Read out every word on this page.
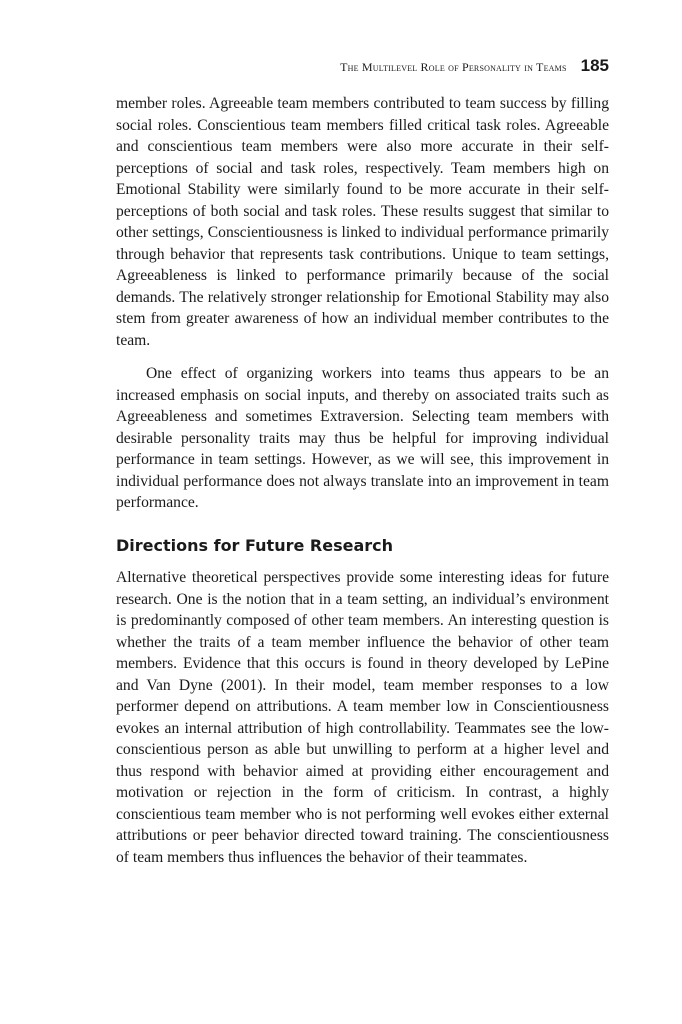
The Multilevel Role of Personality in Teams 185

member roles. Agreeable team members contributed to team success by filling social roles. Conscientious team members filled critical task roles. Agreeable and conscientious team members were also more accurate in their self-perceptions of social and task roles, respectively. Team members high on Emotional Stability were similarly found to be more accurate in their self-perceptions of both social and task roles. These results suggest that similar to other settings, Conscientiousness is linked to individual performance primarily through behavior that represents task contributions. Unique to team settings, Agreeableness is linked to performance primarily because of the social demands. The relatively stronger relationship for Emotional Stability may also stem from greater awareness of how an individual member contributes to the team.

One effect of organizing workers into teams thus appears to be an increased emphasis on social inputs, and thereby on associated traits such as Agreeableness and sometimes Extraversion. Selecting team members with desirable personality traits may thus be helpful for improving individual performance in team settings. However, as we will see, this improvement in individual performance does not always translate into an improvement in team performance.

Directions for Future Research

Alternative theoretical perspectives provide some interesting ideas for future research. One is the notion that in a team setting, an individual’s environment is predominantly composed of other team members. An interesting question is whether the traits of a team member influence the behavior of other team members. Evidence that this occurs is found in theory developed by LePine and Van Dyne (2001). In their model, team member responses to a low performer depend on attributions. A team member low in Conscientiousness evokes an internal attribution of high controllability. Teammates see the low-conscientious person as able but unwilling to perform at a higher level and thus respond with behavior aimed at providing either encouragement and motivation or rejection in the form of criticism. In contrast, a highly conscientious team member who is not performing well evokes either external attributions or peer behavior directed toward training. The conscientiousness of team members thus influences the behavior of their teammates.
